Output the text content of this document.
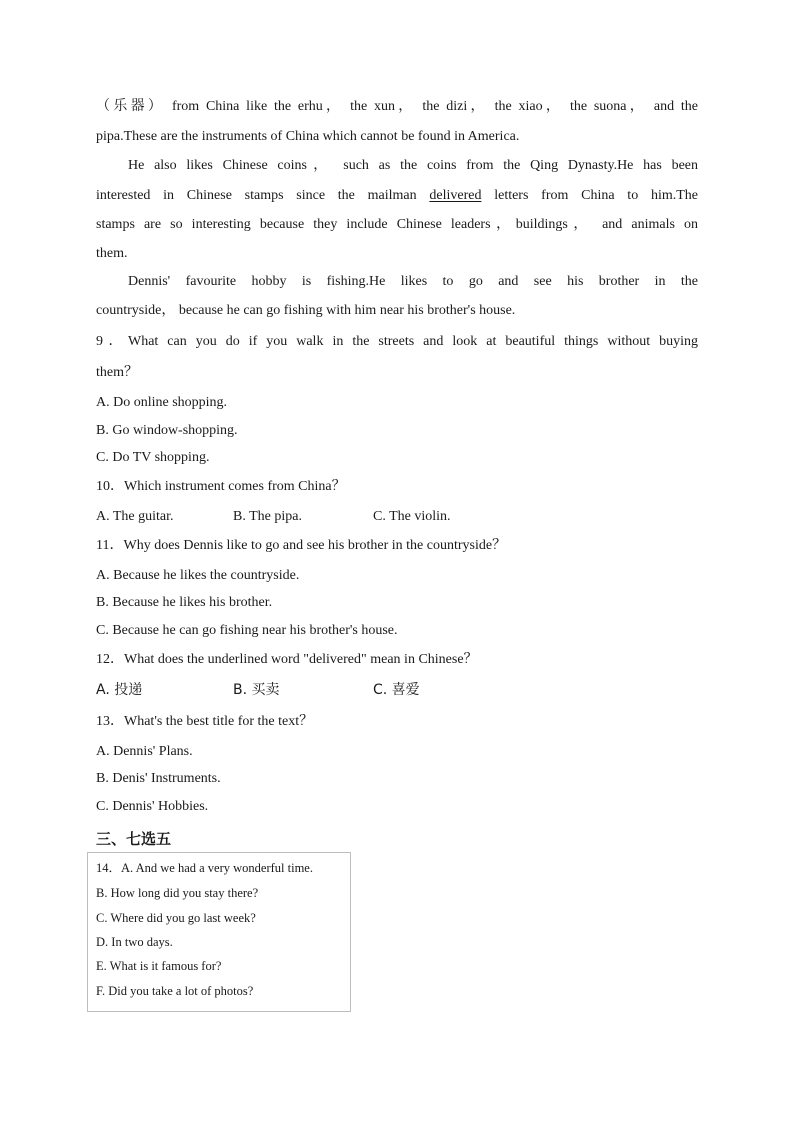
（乐器） from China like the erhu， the xun， the dizi， the xiao， the suona， and the
pipa.These are the instruments of China which cannot be found in America.
He also likes Chinese coins， such as the coins from the Qing Dynasty.He has been
interested in Chinese stamps since the mailman delivered letters from China to him.The
stamps are so interesting because they include Chinese leaders，buildings， and animals on
them.
Dennis' favourite hobby is fishing.He likes to go and see his brother in the
countryside， because he can go fishing with him near his brother's house.
9．What can you do if you walk in the streets and look at beautiful things without buying
them？
A. Do online shopping.
B. Go window-shopping.
C. Do TV shopping.
10．Which instrument comes from China？
A. The guitar.	B. The pipa.	C. The violin.
11．Why does Dennis like to go and see his brother in the countryside？
A. Because he likes the countryside.
B. Because he likes his brother.
C. Because he can go fishing near his brother's house.
12．What does the underlined word "delivered" mean in Chinese？
A. 投递	B. 买卖	C. 喜爱
13．What's the best title for the text？
A. Dennis' Plans.
B. Denis' Instruments.
C. Dennis' Hobbies.
三、七选五
14．A. And we had a very wonderful time.
B. How long did you stay there?
C. Where did you go last week?
D. In two days.
E. What is it famous for?
F. Did you take a lot of photos?
